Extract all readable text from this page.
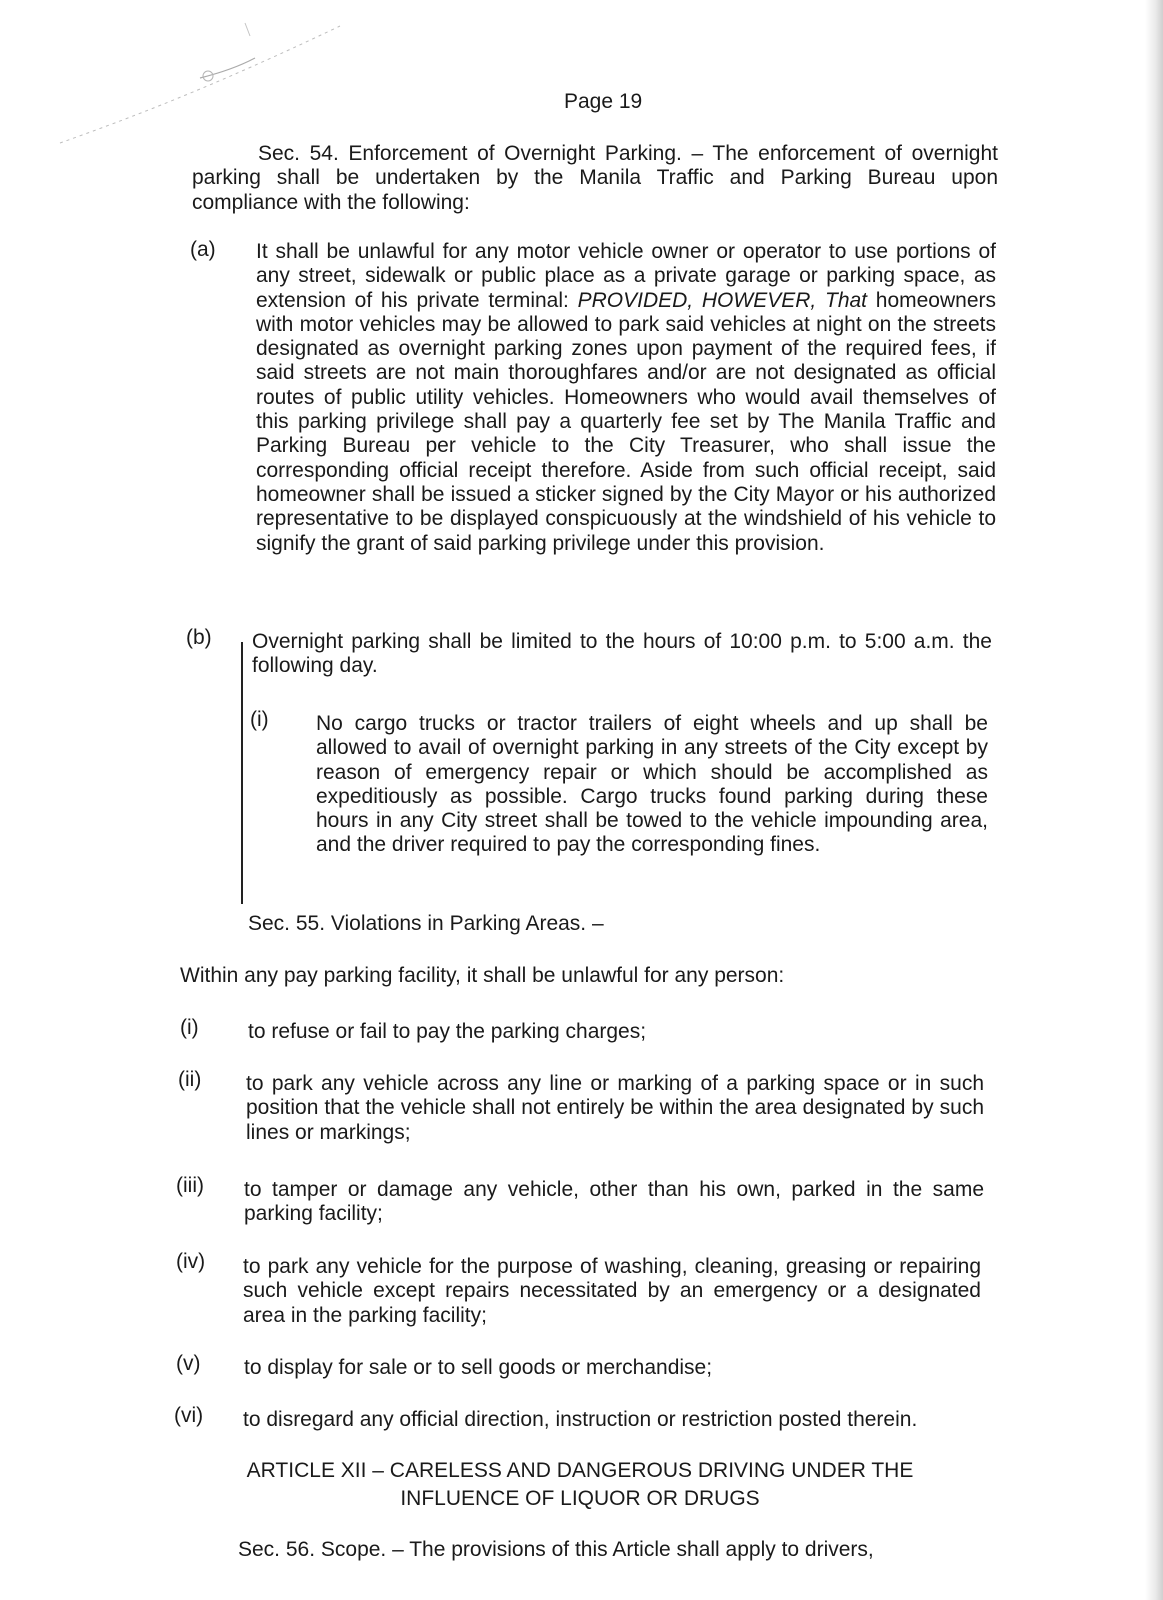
Page 19

Sec. 54. Enforcement of Overnight Parking. – The enforcement of overnight parking shall be undertaken by the Manila Traffic and Parking Bureau upon compliance with the following:

(a) It shall be unlawful for any motor vehicle owner or operator to use portions of any street, sidewalk or public place as a private garage or parking space, as extension of his private terminal: PROVIDED, HOWEVER, That homeowners with motor vehicles may be allowed to park said vehicles at night on the streets designated as overnight parking zones upon payment of the required fees, if said streets are not main thoroughfares and/or are not designated as official routes of public utility vehicles. Homeowners who would avail themselves of this parking privilege shall pay a quarterly fee set by The Manila Traffic and Parking Bureau per vehicle to the City Treasurer, who shall issue the corresponding official receipt therefore. Aside from such official receipt, said homeowner shall be issued a sticker signed by the City Mayor or his authorized representative to be displayed conspicuously at the windshield of his vehicle to signify the grant of said parking privilege under this provision.

(b) Overnight parking shall be limited to the hours of 10:00 p.m. to 5:00 a.m. the following day.

(i) No cargo trucks or tractor trailers of eight wheels and up shall be allowed to avail of overnight parking in any streets of the City except by reason of emergency repair or which should be accomplished as expeditiously as possible. Cargo trucks found parking during these hours in any City street shall be towed to the vehicle impounding area, and the driver required to pay the corresponding fines.

Sec. 55. Violations in Parking Areas. –
Within any pay parking facility, it shall be unlawful for any person:
(i) to refuse or fail to pay the parking charges;

(ii) to park any vehicle across any line or marking of a parking space or in such position that the vehicle shall not entirely be within the area designated by such lines or markings;

(iii) to tamper or damage any vehicle, other than his own, parked in the same parking facility;

(iv) to park any vehicle for the purpose of washing, cleaning, greasing or repairing such vehicle except repairs necessitated by an emergency or a designated area in the parking facility;

(v) to display for sale or to sell goods or merchandise;

(vi) to disregard any official direction, instruction or restriction posted therein.

ARTICLE XII – CARELESS AND DANGEROUS DRIVING UNDER THE

INFLUENCE OF LIQUOR OR DRUGS

Sec. 56. Scope. – The provisions of this Article shall apply to drivers,
